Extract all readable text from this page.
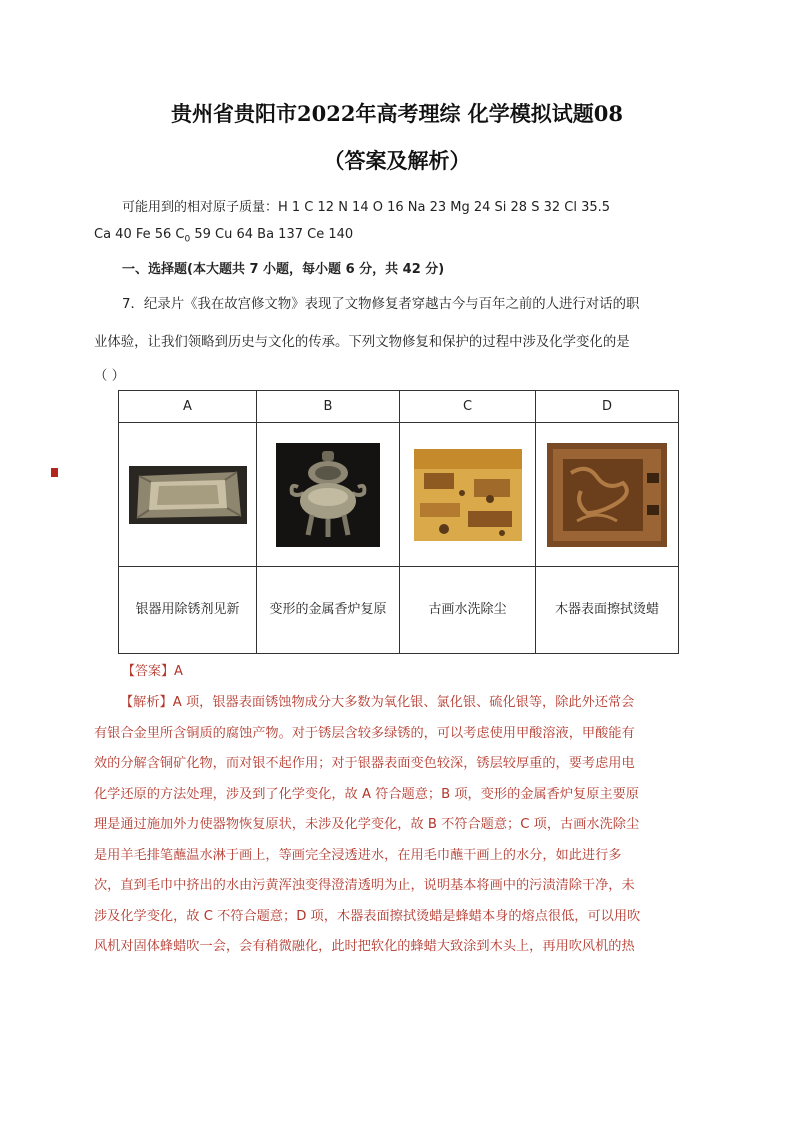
贵州省贵阳市2022年高考理综 化学模拟试题08
（答案及解析）
可能用到的相对原子质量：H 1 C 12 N 14 O 16 Na 23 Mg 24 Si 28 S 32 Cl 35.5
Ca 40 Fe 56 $C_0$ 59 Cu 64 Ba 137 Ce 140
一、选择题(本大题共 7 小题，每小题 6 分，共 42 分)
7．纪录片《我在故宫修文物》表现了文物修复者穿越古今与百年之前的人进行对话的职
业体验，让我们领略到历史与文化的传承。下列文物修复和保护的过程中涉及化学变化的是
（ ）
A	B	C	D

银器用除锈剂见新	变形的金属香炉复原	古画水洗除尘	木器表面擦拭烫蜡
【答案】A
【解析】A 项，银器表面锈蚀物成分大多数为氧化银、氯化银、硫化银等，除此外还常会
有银合金里所含铜质的腐蚀产物。对于锈层含较多绿锈的，可以考虑使用甲酸溶液，甲酸能有
效的分解含铜矿化物，而对银不起作用；对于银器表面变色较深，锈层较厚重的，要考虑用电
化学还原的方法处理，涉及到了化学变化，故 A 符合题意；B 项，变形的金属香炉复原主要原
理是通过施加外力使器物恢复原状，未涉及化学变化，故 B 不符合题意；C 项，古画水洗除尘
是用羊毛排笔蘸温水淋于画上，等画完全浸透进水，在用毛巾蘸干画上的水分，如此进行多
次，直到毛巾中挤出的水由污黄浑浊变得澄清透明为止，说明基本将画中的污渍清除干净，未
涉及化学变化，故 C 不符合题意；D 项，木器表面擦拭烫蜡是蜂蜡本身的熔点很低，可以用吹
风机对固体蜂蜡吹一会，会有稍微融化，此时把软化的蜂蜡大致涂到木头上，再用吹风机的热
